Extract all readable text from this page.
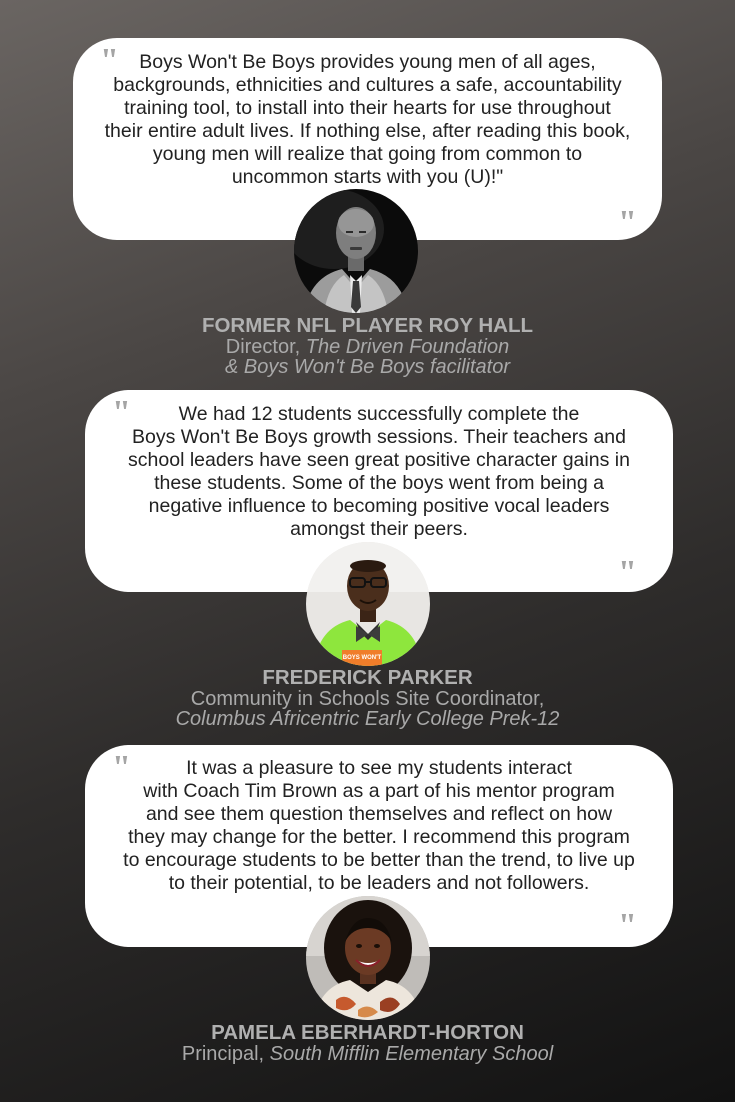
"	Boys Won't Be Boys provides young men of all ages,
backgrounds, ethnicities and cultures a safe, accountability
training tool, to install into their hearts for use throughout
their entire adult lives. If nothing else, after reading this book,
young men will realize that going from common to
uncommon starts with you (U)!"
"
FORMER NFL PLAYER ROY HALL
Director, The Driven Foundation
& Boys Won't Be Boys facilitator
"	We had 12 students successfully complete the
Boys Won't Be Boys growth sessions. Their teachers and
school leaders have seen great positive character gains in
these students. Some of the boys went from being a
negative influence to becoming positive vocal leaders
amongst their peers.
"
BOYS WON'T
FREDERICK PARKER
Community in Schools Site Coordinator,
Columbus Africentric Early College Prek-12
"	It was a pleasure to see my students interact
with Coach Tim Brown as a part of his mentor program
and see them question themselves and reflect on how
they may change for the better. I recommend this program
to encourage students to be better than the trend, to live up
to their potential, to be leaders and not followers.
"
PAMELA EBERHARDT-HORTON
Principal, South Mifflin Elementary School
